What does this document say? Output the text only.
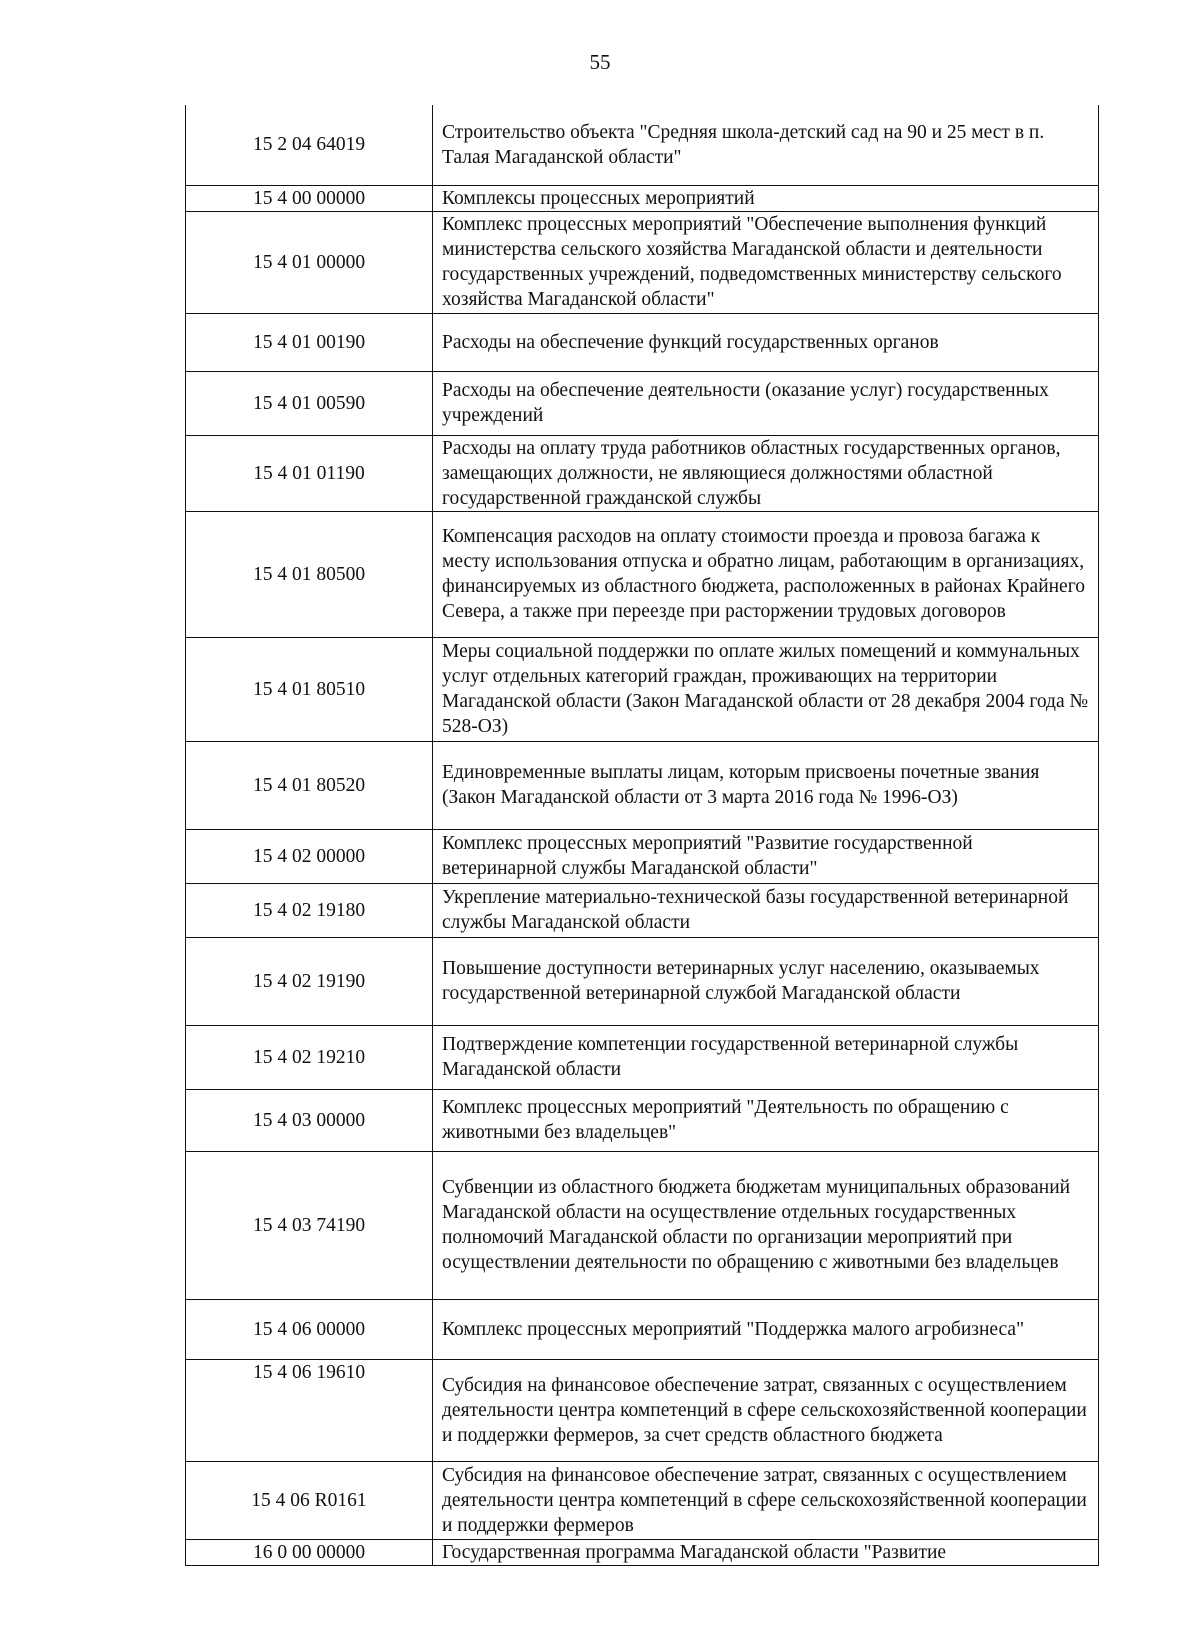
55
15 2 04 64019	Строительство объекта "Средняя школа-детский сад на 90 и 25 мест в п. Талая Магаданской области"
15 4 00 00000	Комплексы процессных мероприятий
15 4 01 00000	Комплекс процессных мероприятий "Обеспечение выполнения функций министерства сельского хозяйства Магаданской области и деятельности государственных учреждений, подведомственных министерству сельского хозяйства Магаданской области"
15 4 01 00190	Расходы на обеспечение функций государственных органов
15 4 01 00590	Расходы на обеспечение деятельности (оказание услуг) государственных учреждений
15 4 01 01190	Расходы на оплату труда работников областных государственных органов, замещающих должности, не являющиеся должностями областной государственной гражданской службы
15 4 01 80500	Компенсация расходов на оплату стоимости проезда и провоза багажа к месту использования отпуска и обратно лицам, работающим в организациях, финансируемых из областного бюджета, расположенных в районах Крайнего Севера, а также при переезде при расторжении трудовых договоров
15 4 01 80510	Меры социальной поддержки по оплате жилых помещений и коммунальных услуг отдельных категорий граждан, проживающих на территории Магаданской области (Закон Магаданской области от 28 декабря 2004 года № 528-ОЗ)
15 4 01 80520	Единовременные выплаты лицам, которым присвоены почетные звания (Закон Магаданской области от 3 марта 2016 года № 1996-ОЗ)
15 4 02 00000	Комплекс процессных мероприятий "Развитие государственной ветеринарной службы Магаданской области"
15 4 02 19180	Укрепление материально-технической базы государственной ветеринарной службы Магаданской области
15 4 02 19190	Повышение доступности ветеринарных услуг населению, оказываемых государственной ветеринарной службой Магаданской области
15 4 02 19210	Подтверждение компетенции государственной ветеринарной службы Магаданской области
15 4 03 00000	Комплекс процессных мероприятий "Деятельность по обращению с животными без владельцев"
15 4 03 74190	Субвенции из областного бюджета бюджетам муниципальных образований Магаданской области на осуществление отдельных государственных полномочий Магаданской области по организации мероприятий при осуществлении деятельности по обращению с животными без владельцев
15 4 06 00000	Комплекс процессных мероприятий "Поддержка малого агробизнеса"
15 4 06 19610	Субсидия на финансовое обеспечение затрат, связанных с осуществлением деятельности центра компетенций в сфере сельскохозяйственной кооперации и поддержки фермеров, за счет средств областного бюджета
15 4 06 R0161	Субсидия на финансовое обеспечение затрат, связанных с осуществлением деятельности центра компетенций в сфере сельскохозяйственной кооперации и поддержки фермеров
16 0 00 00000	Государственная программа Магаданской области "Развитие
